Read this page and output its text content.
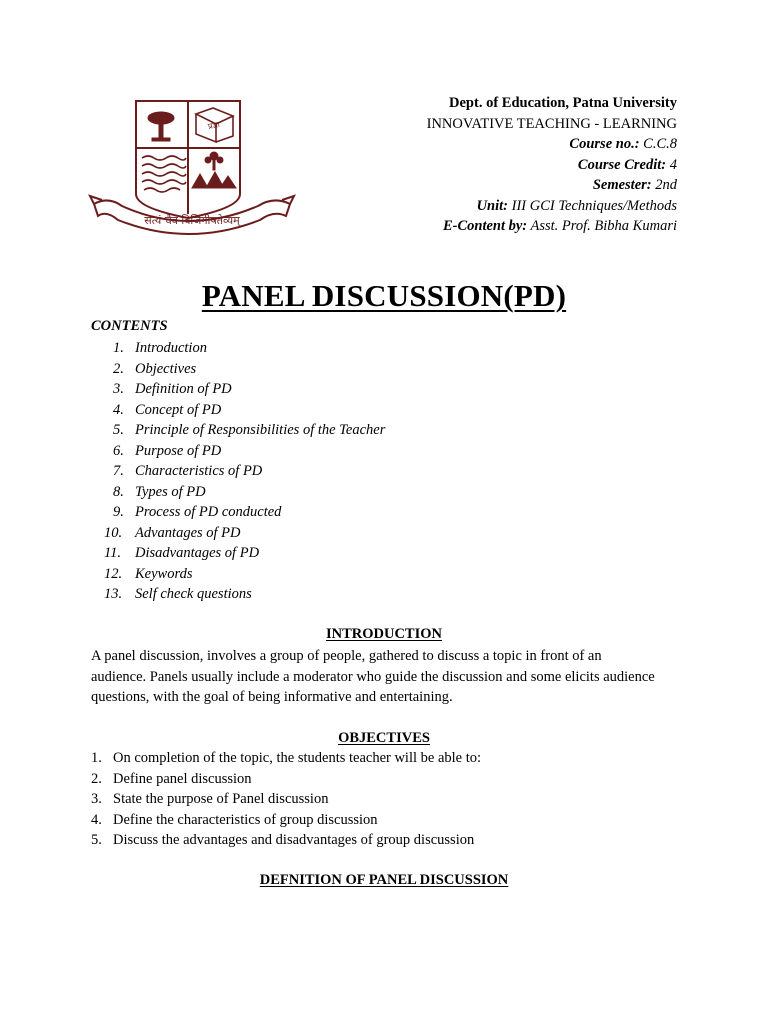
प्रज्ञा
सत्यं चैव विजिगीषतेव्यम्
Dept. of Education, Patna University
INNOVATIVE TEACHING - LEARNING
Course no.: C.C.8
Course Credit: 4
Semester: 2nd
Unit: III GCI Techniques/Methods
E-Content by: Asst. Prof. Bibha Kumari
PANEL DISCUSSION(PD)
CONTENTS
1. Introduction
2. Objectives
3. Definition of PD
4. Concept of PD
5. Principle of Responsibilities of the Teacher
6. Purpose of PD
7. Characteristics of PD
8. Types of PD
9. Process of PD conducted
10. Advantages of PD
11. Disadvantages of PD
12. Keywords
13. Self check questions
INTRODUCTION

A panel discussion, involves a group of people, gathered to discuss a topic in front of an
audience. Panels usually include a moderator who guide the discussion and some elicits audience
questions, with the goal of being informative and entertaining.

OBJECTIVES
1. On completion of the topic, the students teacher will be able to:
2. Define panel discussion
3. State the purpose of Panel discussion
4. Define the characteristics of group discussion
5. Discuss the advantages and disadvantages of group discussion
DEFNITION OF PANEL DISCUSSION
